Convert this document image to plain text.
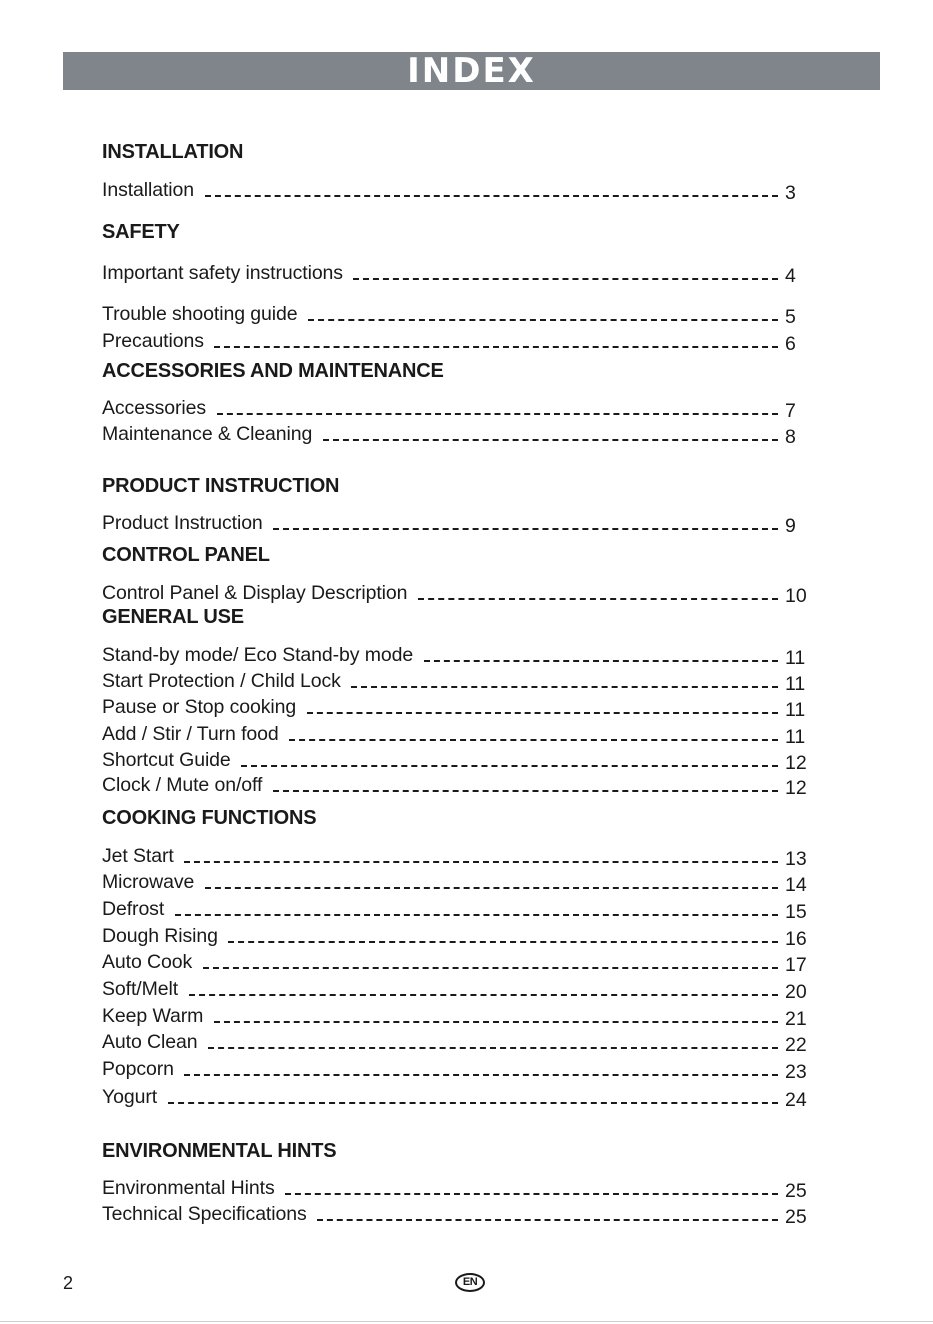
INDEX
INSTALLATION
Installation	3
SAFETY
Important safety instructions	4
Trouble shooting guide	5
Precautions	6
ACCESSORIES AND MAINTENANCE
Accessories	7
Maintenance & Cleaning	8
PRODUCT INSTRUCTION
Product Instruction	9
CONTROL PANEL
Control Panel & Display Description	10
GENERAL USE
Stand-by mode/ Eco Stand-by mode	11
Start Protection / Child Lock	11
Pause or Stop cooking	11
Add / Stir / Turn food	11
Shortcut Guide	12
Clock / Mute on/off	12
COOKING FUNCTIONS
Jet Start	13
Microwave	14
Defrost	15
Dough Rising	16
Auto Cook	17
Soft/Melt	20
Keep Warm	21
Auto Clean	22
Popcorn	23
Yogurt	24
ENVIRONMENTAL HINTS
Environmental Hints	25
Technical Specifications	25
2	EN
